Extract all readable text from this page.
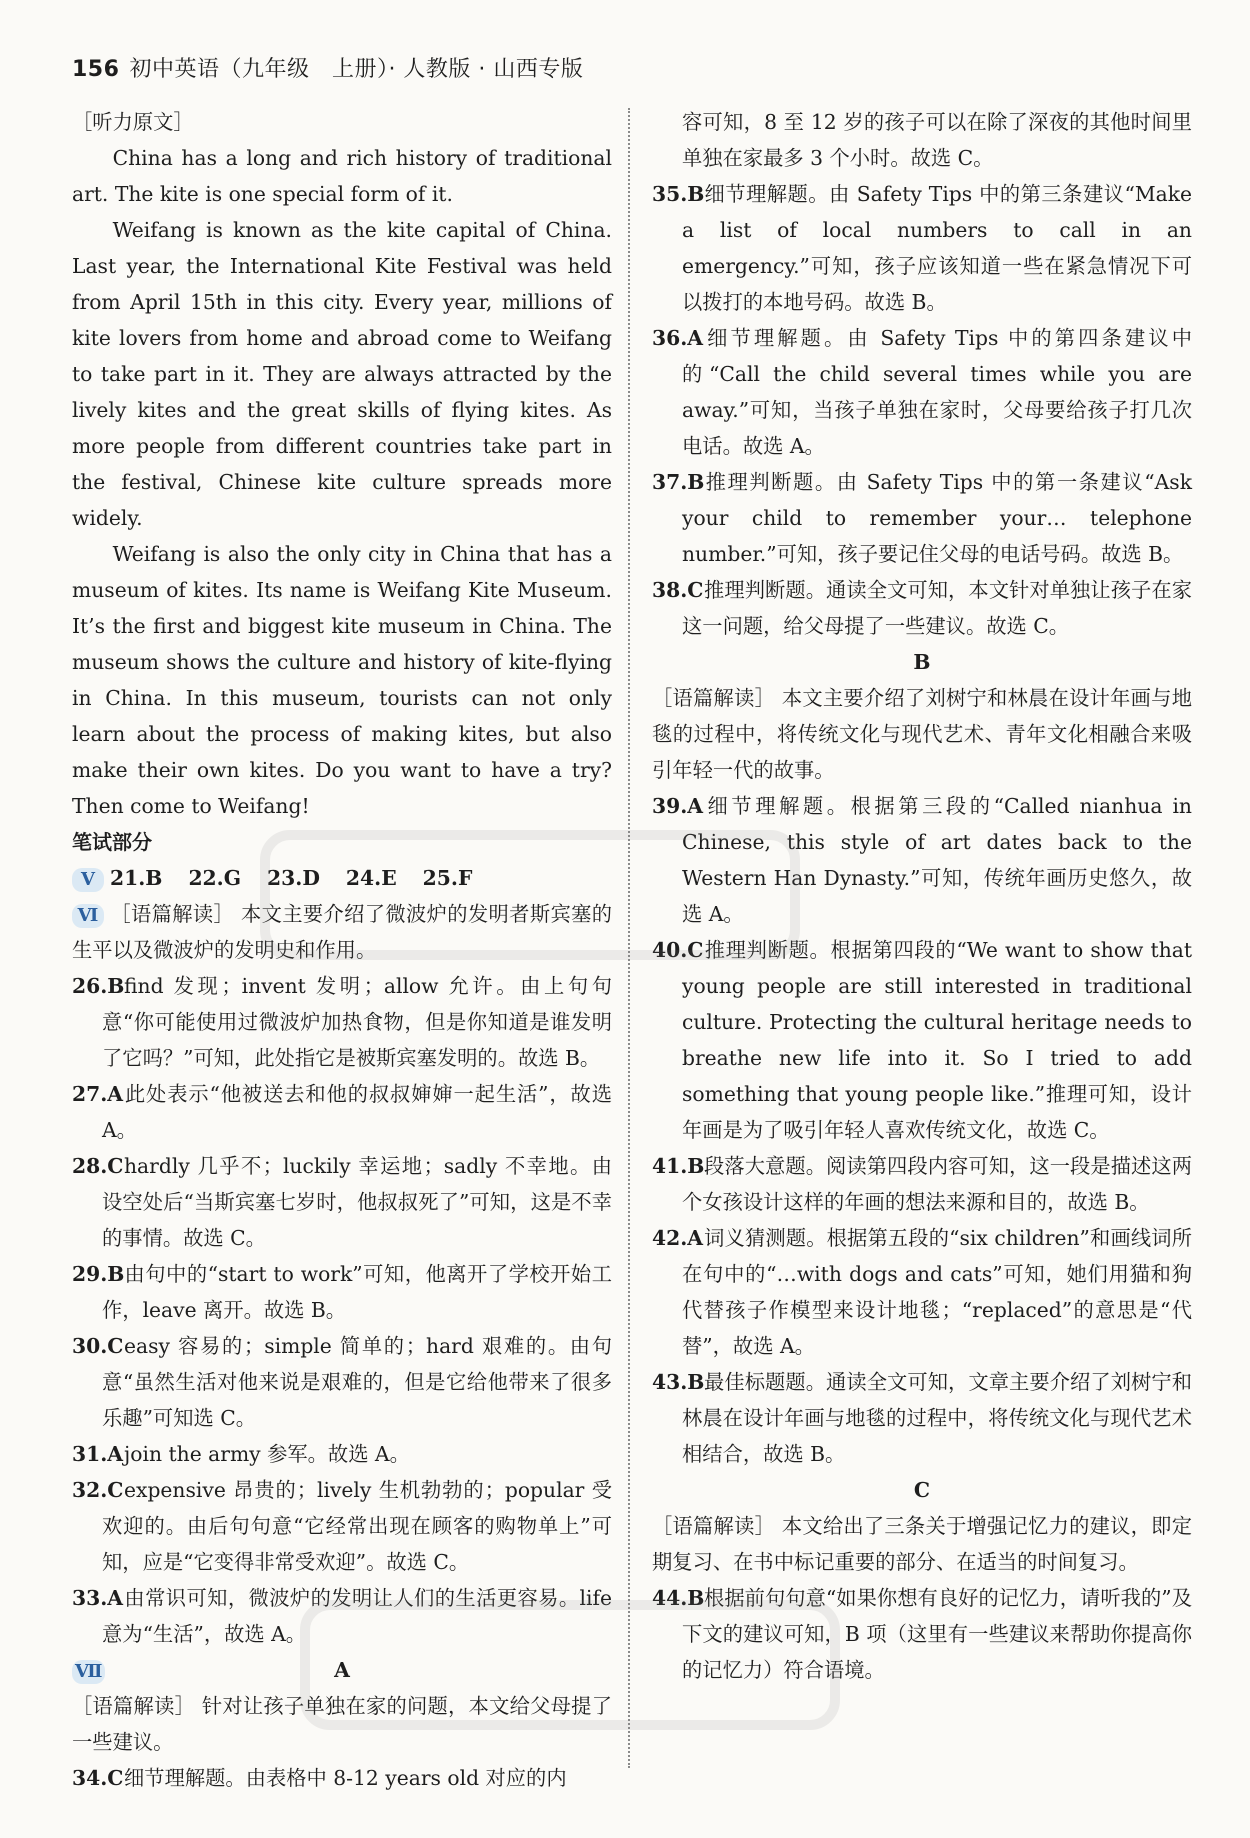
156 初中英语（九年级　上册）· 人教版 · 山西专版

［听力原文］

China has a long and rich history of traditional art. The kite is one special form of it.

Weifang is known as the kite capital of China. Last year, the International Kite Festival was held from April 15th in this city. Every year, millions of kite lovers from home and abroad come to Weifang to take part in it. They are always attracted by the lively kites and the great skills of flying kites. As more people from different countries take part in the festival, Chinese kite culture spreads more widely.

Weifang is also the only city in China that has a museum of kites. Its name is Weifang Kite Museum. It’s the first and biggest kite museum in China. The museum shows the culture and history of kite-flying in China. In this museum, tourists can not only learn about the process of making kites, but also make their own kites. Do you want to have a try? Then come to Weifang!

笔试部分

Ⅴ 21.B 22.G 23.D 24.E 25.F

Ⅵ ［语篇解读］ 本文主要介绍了微波炉的发明者斯宾塞的生平以及微波炉的发明史和作用。

26.Bfind 发现；invent 发明；allow 允许。由上句句意“你可能使用过微波炉加热食物，但是你知道是谁发明了它吗？”可知，此处指它是被斯宾塞发明的。故选 B。

27.A此处表示“他被送去和他的叔叔婶婶一起生活”，故选 A。

28.Chardly 几乎不；luckily 幸运地；sadly 不幸地。由设空处后“当斯宾塞七岁时，他叔叔死了”可知，这是不幸的事情。故选 C。

29.B由句中的“start to work”可知，他离开了学校开始工作，leave 离开。故选 B。

30.Ceasy 容易的；simple 简单的；hard 艰难的。由句意“虽然生活对他来说是艰难的，但是它给他带来了很多乐趣”可知选 C。

31.Ajoin the army 参军。故选 A。

32.Cexpensive 昂贵的；lively 生机勃勃的；popular 受欢迎的。由后句句意“它经常出现在顾客的购物单上”可知，应是“它变得非常受欢迎”。故选 C。

33.A由常识可知，微波炉的发明让人们的生活更容易。life 意为“生活”，故选 A。

Ⅶ	A

［语篇解读］ 针对让孩子单独在家的问题，本文给父母提了一些建议。

34.C细节理解题。由表格中 8-12 years old 对应的内

容可知，8 至 12 岁的孩子可以在除了深夜的其他时间里单独在家最多 3 个小时。故选 C。

35.B细节理解题。由 Safety Tips 中的第三条建议“Make a list of local numbers to call in an emergency.”可知，孩子应该知道一些在紧急情况下可以拨打的本地号码。故选 B。

36.A细节理解题。由 Safety Tips 中的第四条建议中的“Call the child several times while you are away.”可知，当孩子单独在家时，父母要给孩子打几次电话。故选 A。

37.B推理判断题。由 Safety Tips 中的第一条建议“Ask your child to remember your… telephone number.”可知，孩子要记住父母的电话号码。故选 B。

38.C推理判断题。通读全文可知，本文针对单独让孩子在家这一问题，给父母提了一些建议。故选 C。

B

［语篇解读］ 本文主要介绍了刘树宁和林晨在设计年画与地毯的过程中，将传统文化与现代艺术、青年文化相融合来吸引年轻一代的故事。

39.A细节理解题。根据第三段的“Called nianhua in Chinese, this style of art dates back to the Western Han Dynasty.”可知，传统年画历史悠久，故选 A。

40.C推理判断题。根据第四段的“We want to show that young people are still interested in traditional culture. Protecting the cultural heritage needs to breathe new life into it. So I tried to add something that young people like.”推理可知，设计年画是为了吸引年轻人喜欢传统文化，故选 C。

41.B段落大意题。阅读第四段内容可知，这一段是描述这两个女孩设计这样的年画的想法来源和目的，故选 B。

42.A词义猜测题。根据第五段的“six children”和画线词所在句中的“…with dogs and cats”可知，她们用猫和狗代替孩子作模型来设计地毯；“replaced”的意思是“代替”，故选 A。

43.B最佳标题题。通读全文可知，文章主要介绍了刘树宁和林晨在设计年画与地毯的过程中，将传统文化与现代艺术相结合，故选 B。

C

［语篇解读］ 本文给出了三条关于增强记忆力的建议，即定期复习、在书中标记重要的部分、在适当的时间复习。

44.B根据前句句意“如果你想有良好的记忆力，请听我的”及下文的建议可知，B 项（这里有一些建议来帮助你提高你的记忆力）符合语境。
